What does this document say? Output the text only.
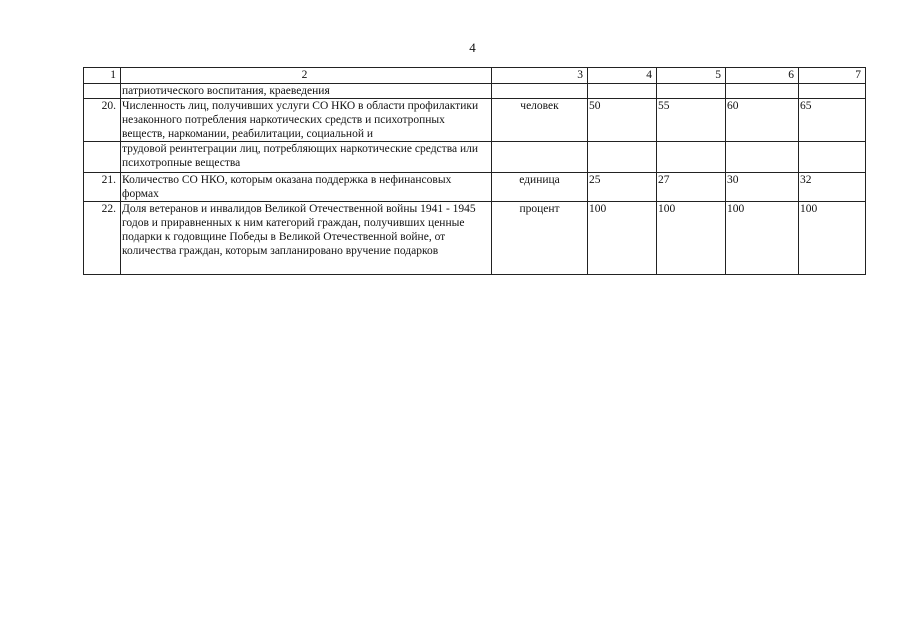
4
1	2	3	4	5	6	7
	патриотического воспитания, краеведения					
20.	Численность лиц, получивших услуги СО НКО в области профилактики незаконного потребления наркотических средств и психотропных веществ, наркомании, реабилитации, социальной и	человек	50	55	60	65
	трудовой реинтеграции лиц, потребляющих наркотические средства или психотропные вещества					
21.	Количество СО НКО, которым оказана поддержка в нефинансовых формах	единица	25	27	30	32
22.	Доля ветеранов и инвалидов Великой Отечественной войны 1941 - 1945 годов и приравненных к ним категорий граждан, получивших ценные подарки к годовщине Победы в Великой Отечественной войне, от количества граждан, которым запланировано вручение подарков	процент	100	100	100	100
